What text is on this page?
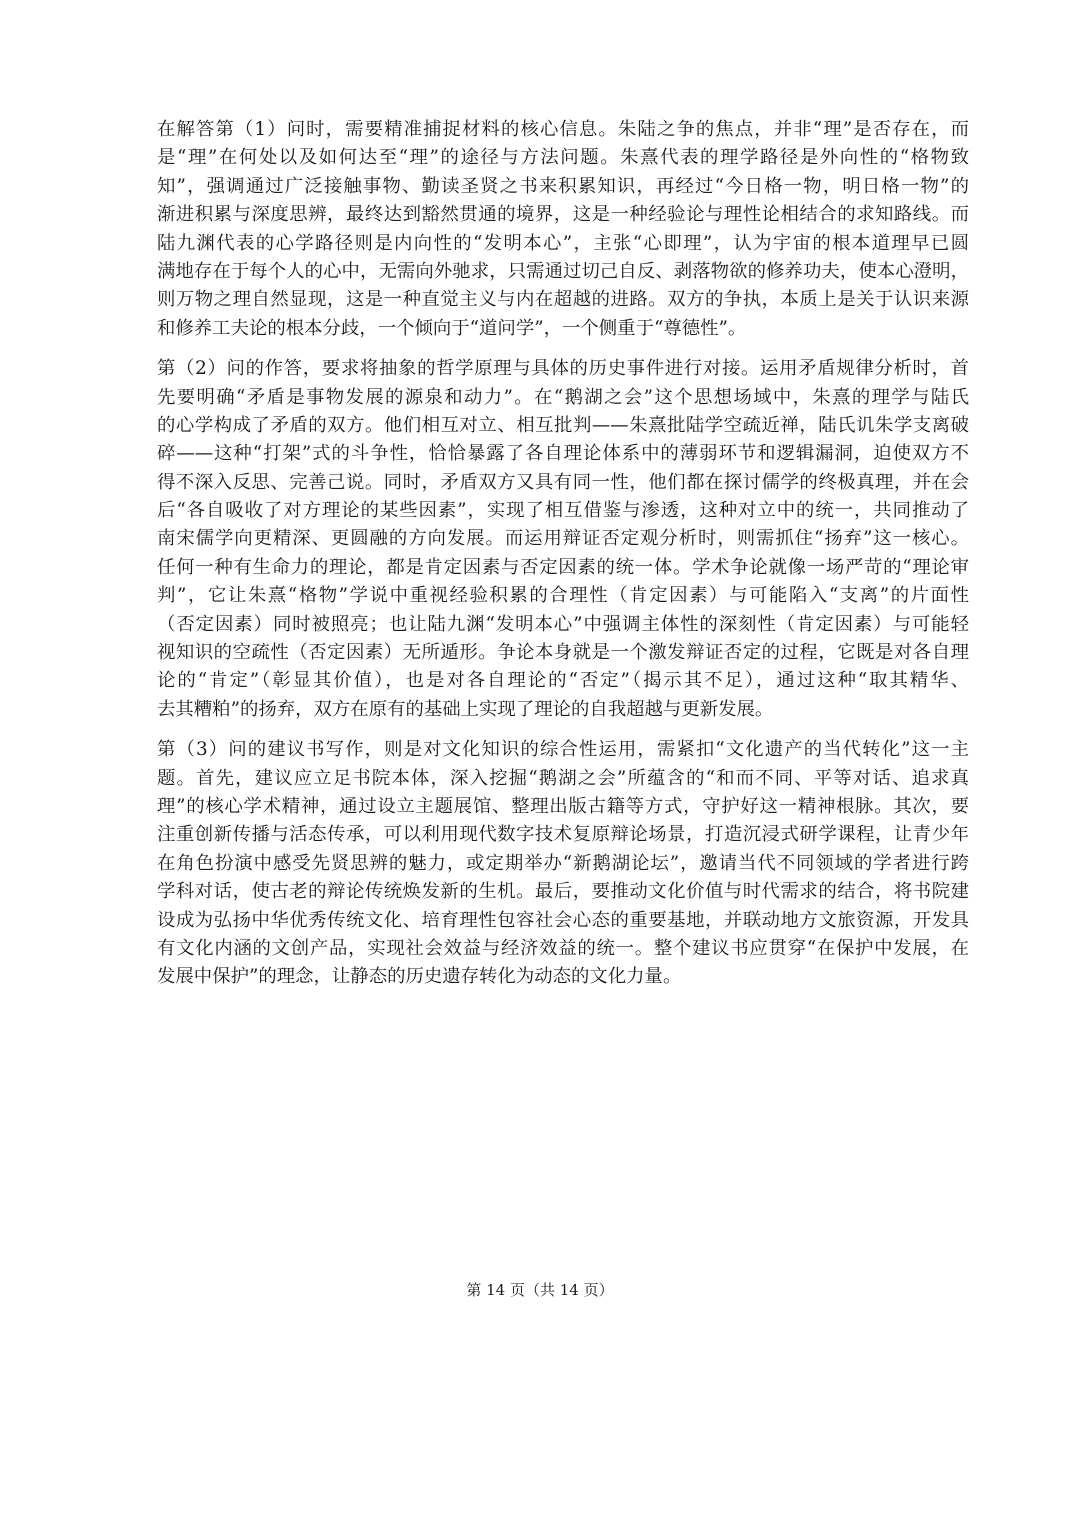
在解答第（1）问时，需要精准捕捉材料的核心信息。朱陆之争的焦点，并非“理”是否存在，而
是“理”在何处以及如何达至“理”的途径与方法问题。朱熹代表的理学路径是外向性的“格物致
知”，强调通过广泛接触事物、勤读圣贤之书来积累知识，再经过“今日格一物，明日格一物”的
渐进积累与深度思辨，最终达到豁然贯通的境界，这是一种经验论与理性论相结合的求知路线。而
陆九渊代表的心学路径则是内向性的“发明本心”，主张“心即理”，认为宇宙的根本道理早已圆
满地存在于每个人的心中，无需向外驰求，只需通过切己自反、剥落物欲的修养功夫，使本心澄明，
则万物之理自然显现，这是一种直觉主义与内在超越的进路。双方的争执，本质上是关于认识来源
和修养工夫论的根本分歧，一个倾向于“道问学”，一个侧重于“尊德性”。

第（2）问的作答，要求将抽象的哲学原理与具体的历史事件进行对接。运用矛盾规律分析时，首
先要明确“矛盾是事物发展的源泉和动力”。在“鹅湖之会”这个思想场域中，朱熹的理学与陆氏
的心学构成了矛盾的双方。他们相互对立、相互批判——朱熹批陆学空疏近禅，陆氏讥朱学支离破
碎——这种“打架”式的斗争性，恰恰暴露了各自理论体系中的薄弱环节和逻辑漏洞，迫使双方不
得不深入反思、完善己说。同时，矛盾双方又具有同一性，他们都在探讨儒学的终极真理，并在会
后“各自吸收了对方理论的某些因素”，实现了相互借鉴与渗透，这种对立中的统一，共同推动了
南宋儒学向更精深、更圆融的方向发展。而运用辩证否定观分析时，则需抓住“扬弃”这一核心。
任何一种有生命力的理论，都是肯定因素与否定因素的统一体。学术争论就像一场严苛的“理论审
判”，它让朱熹“格物”学说中重视经验积累的合理性（肯定因素）与可能陷入“支离”的片面性
（否定因素）同时被照亮；也让陆九渊“发明本心”中强调主体性的深刻性（肯定因素）与可能轻
视知识的空疏性（否定因素）无所遁形。争论本身就是一个激发辩证否定的过程，它既是对各自理
论的“肯定”（彰显其价值），也是对各自理论的“否定”（揭示其不足），通过这种“取其精华、
去其糟粕”的扬弃，双方在原有的基础上实现了理论的自我超越与更新发展。

第（3）问的建议书写作，则是对文化知识的综合性运用，需紧扣“文化遗产的当代转化”这一主
题。首先，建议应立足书院本体，深入挖掘“鹅湖之会”所蕴含的“和而不同、平等对话、追求真
理”的核心学术精神，通过设立主题展馆、整理出版古籍等方式，守护好这一精神根脉。其次，要
注重创新传播与活态传承，可以利用现代数字技术复原辩论场景，打造沉浸式研学课程，让青少年
在角色扮演中感受先贤思辨的魅力，或定期举办“新鹅湖论坛”，邀请当代不同领域的学者进行跨
学科对话，使古老的辩论传统焕发新的生机。最后，要推动文化价值与时代需求的结合，将书院建
设成为弘扬中华优秀传统文化、培育理性包容社会心态的重要基地，并联动地方文旅资源，开发具
有文化内涵的文创产品，实现社会效益与经济效益的统一。整个建议书应贯穿“在保护中发展，在
发展中保护”的理念，让静态的历史遗存转化为动态的文化力量。

第 14 页（共 14 页）
